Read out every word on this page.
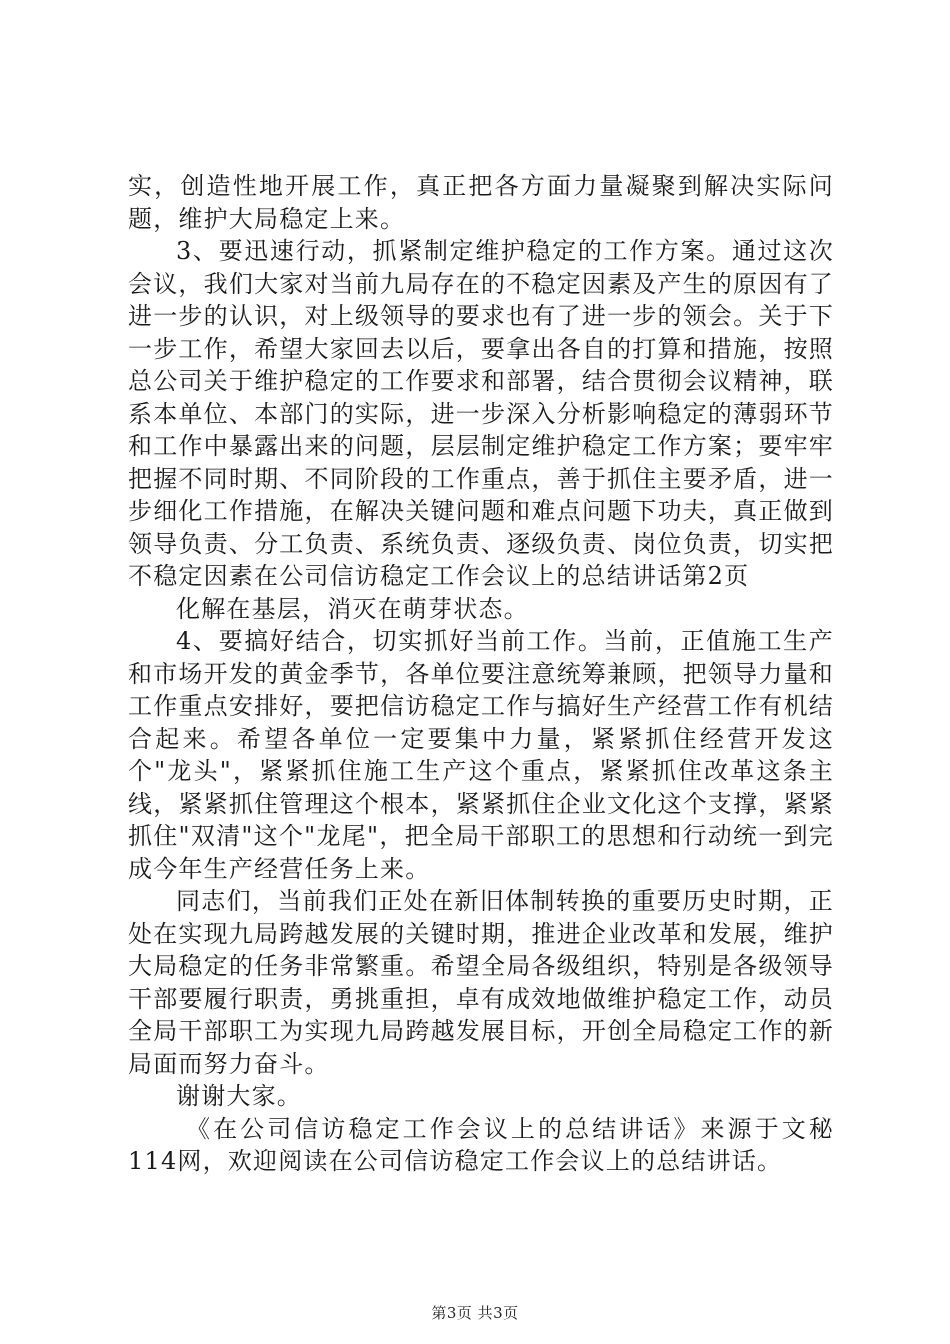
实，创造性地开展工作，真正把各方面力量凝聚到解决实际问题，维护大局稳定上来。

3、要迅速行动，抓紧制定维护稳定的工作方案。通过这次会议，我们大家对当前九局存在的不稳定因素及产生的原因有了进一步的认识，对上级领导的要求也有了进一步的领会。关于下一步工作，希望大家回去以后，要拿出各自的打算和措施，按照总公司关于维护稳定的工作要求和部署，结合贯彻会议精神，联系本单位、本部门的实际，进一步深入分析影响稳定的薄弱环节和工作中暴露出来的问题，层层制定维护稳定工作方案；要牢牢把握不同时期、不同阶段的工作重点，善于抓住主要矛盾，进一步细化工作措施，在解决关键问题和难点问题下功夫，真正做到领导负责、分工负责、系统负责、逐级负责、岗位负责，切实把不稳定因素在公司信访稳定工作会议上的总结讲话第2页

化解在基层，消灭在萌芽状态。

4、要搞好结合，切实抓好当前工作。当前，正值施工生产和市场开发的黄金季节，各单位要注意统筹兼顾，把领导力量和工作重点安排好，要把信访稳定工作与搞好生产经营工作有机结合起来。希望各单位一定要集中力量，紧紧抓住经营开发这个"龙头"，紧紧抓住施工生产这个重点，紧紧抓住改革这条主线，紧紧抓住管理这个根本，紧紧抓住企业文化这个支撑，紧紧抓住"双清"这个"龙尾"，把全局干部职工的思想和行动统一到完成今年生产经营任务上来。

同志们，当前我们正处在新旧体制转换的重要历史时期，正处在实现九局跨越发展的关键时期，推进企业改革和发展，维护大局稳定的任务非常繁重。希望全局各级组织，特别是各级领导干部要履行职责，勇挑重担，卓有成效地做维护稳定工作，动员全局干部职工为实现九局跨越发展目标，开创全局稳定工作的新局面而努力奋斗。

谢谢大家。

《在公司信访稳定工作会议上的总结讲话》来源于文秘114网，欢迎阅读在公司信访稳定工作会议上的总结讲话。

第3页 共3页
